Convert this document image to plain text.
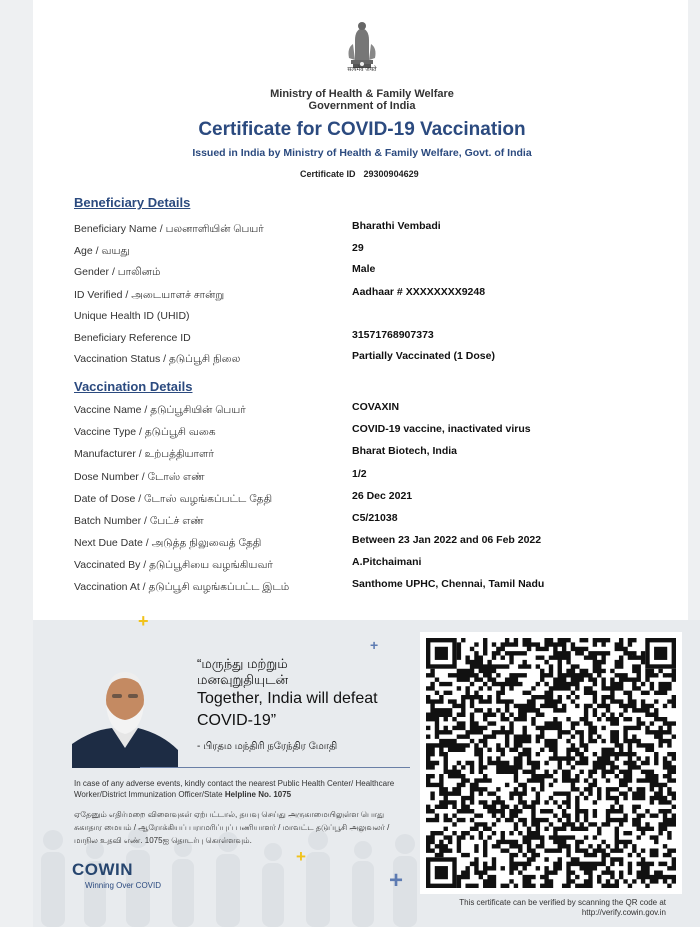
सत्यमेव जयते
Ministry of Health & Family Welfare
Government of India
Certificate for COVID-19 Vaccination
Issued in India by Ministry of Health & Family Welfare, Govt. of India
Certificate ID 29300904629
Beneficiary Details
Beneficiary Name / பலனாளியின் பெயர்	Bharathi Vembadi
Age / வயது	29
Gender / பாலினம்	Male
ID Verified / அடையாளச் சான்று	Aadhaar # XXXXXXXX9248
Unique Health ID (UHID)
Beneficiary Reference ID	31571768907373
Vaccination Status / தடுப்பூசி நிலை	Partially Vaccinated (1 Dose)
Vaccination Details
Vaccine Name / தடுப்பூசியின் பெயர்	COVAXIN
Vaccine Type / தடுப்பூசி வகை	COVID-19 vaccine, inactivated virus
Manufacturer / உற்பத்தியாளர்	Bharat Biotech, India
Dose Number / டோஸ் எண்	1/2
Date of Dose / டோஸ் வழங்கப்பட்ட தேதி	26 Dec 2021
Batch Number / பேட்ச் எண்	C5/21038
Next Due Date / அடுத்த நிலுவைத் தேதி	Between 23 Jan 2022 and 06 Feb 2022
Vaccinated By / தடுப்பூசியை வழங்கியவர்	A.Pitchaimani
Vaccination At / தடுப்பூசி வழங்கப்பட்ட இடம்	Santhome UPHC, Chennai, Tamil Nadu
“மருந்து மற்றும்
மனவுறுதியுடன்
Together, India will defeat
COVID-19”
- பிரதம மந்திரி நரேந்திர மோதி
In case of any adverse events, kindly contact the nearest Public Health Center/ Healthcare Worker/District Immunization Officer/State Helpline No. 1075
ஏதேனும் எதிர்மறை விளைவுகள் ஏற்பட்டால், தயவு செய்து அருகாமையிலுள்ள பொது சுகாதார மையம் / ஆரோக்கியப் பராமரிப்புப் பணியாளர் / மாவட்ட தடுப்பூசி அலுவலர் / மாநில உதவி எண். 1075ஐ தொடர்பு கொள்ளவும்.
COWIN
Winning Over COVID
+
+
+
+
This certificate can be verified by scanning the QR code at
http://verify.cowin.gov.in
